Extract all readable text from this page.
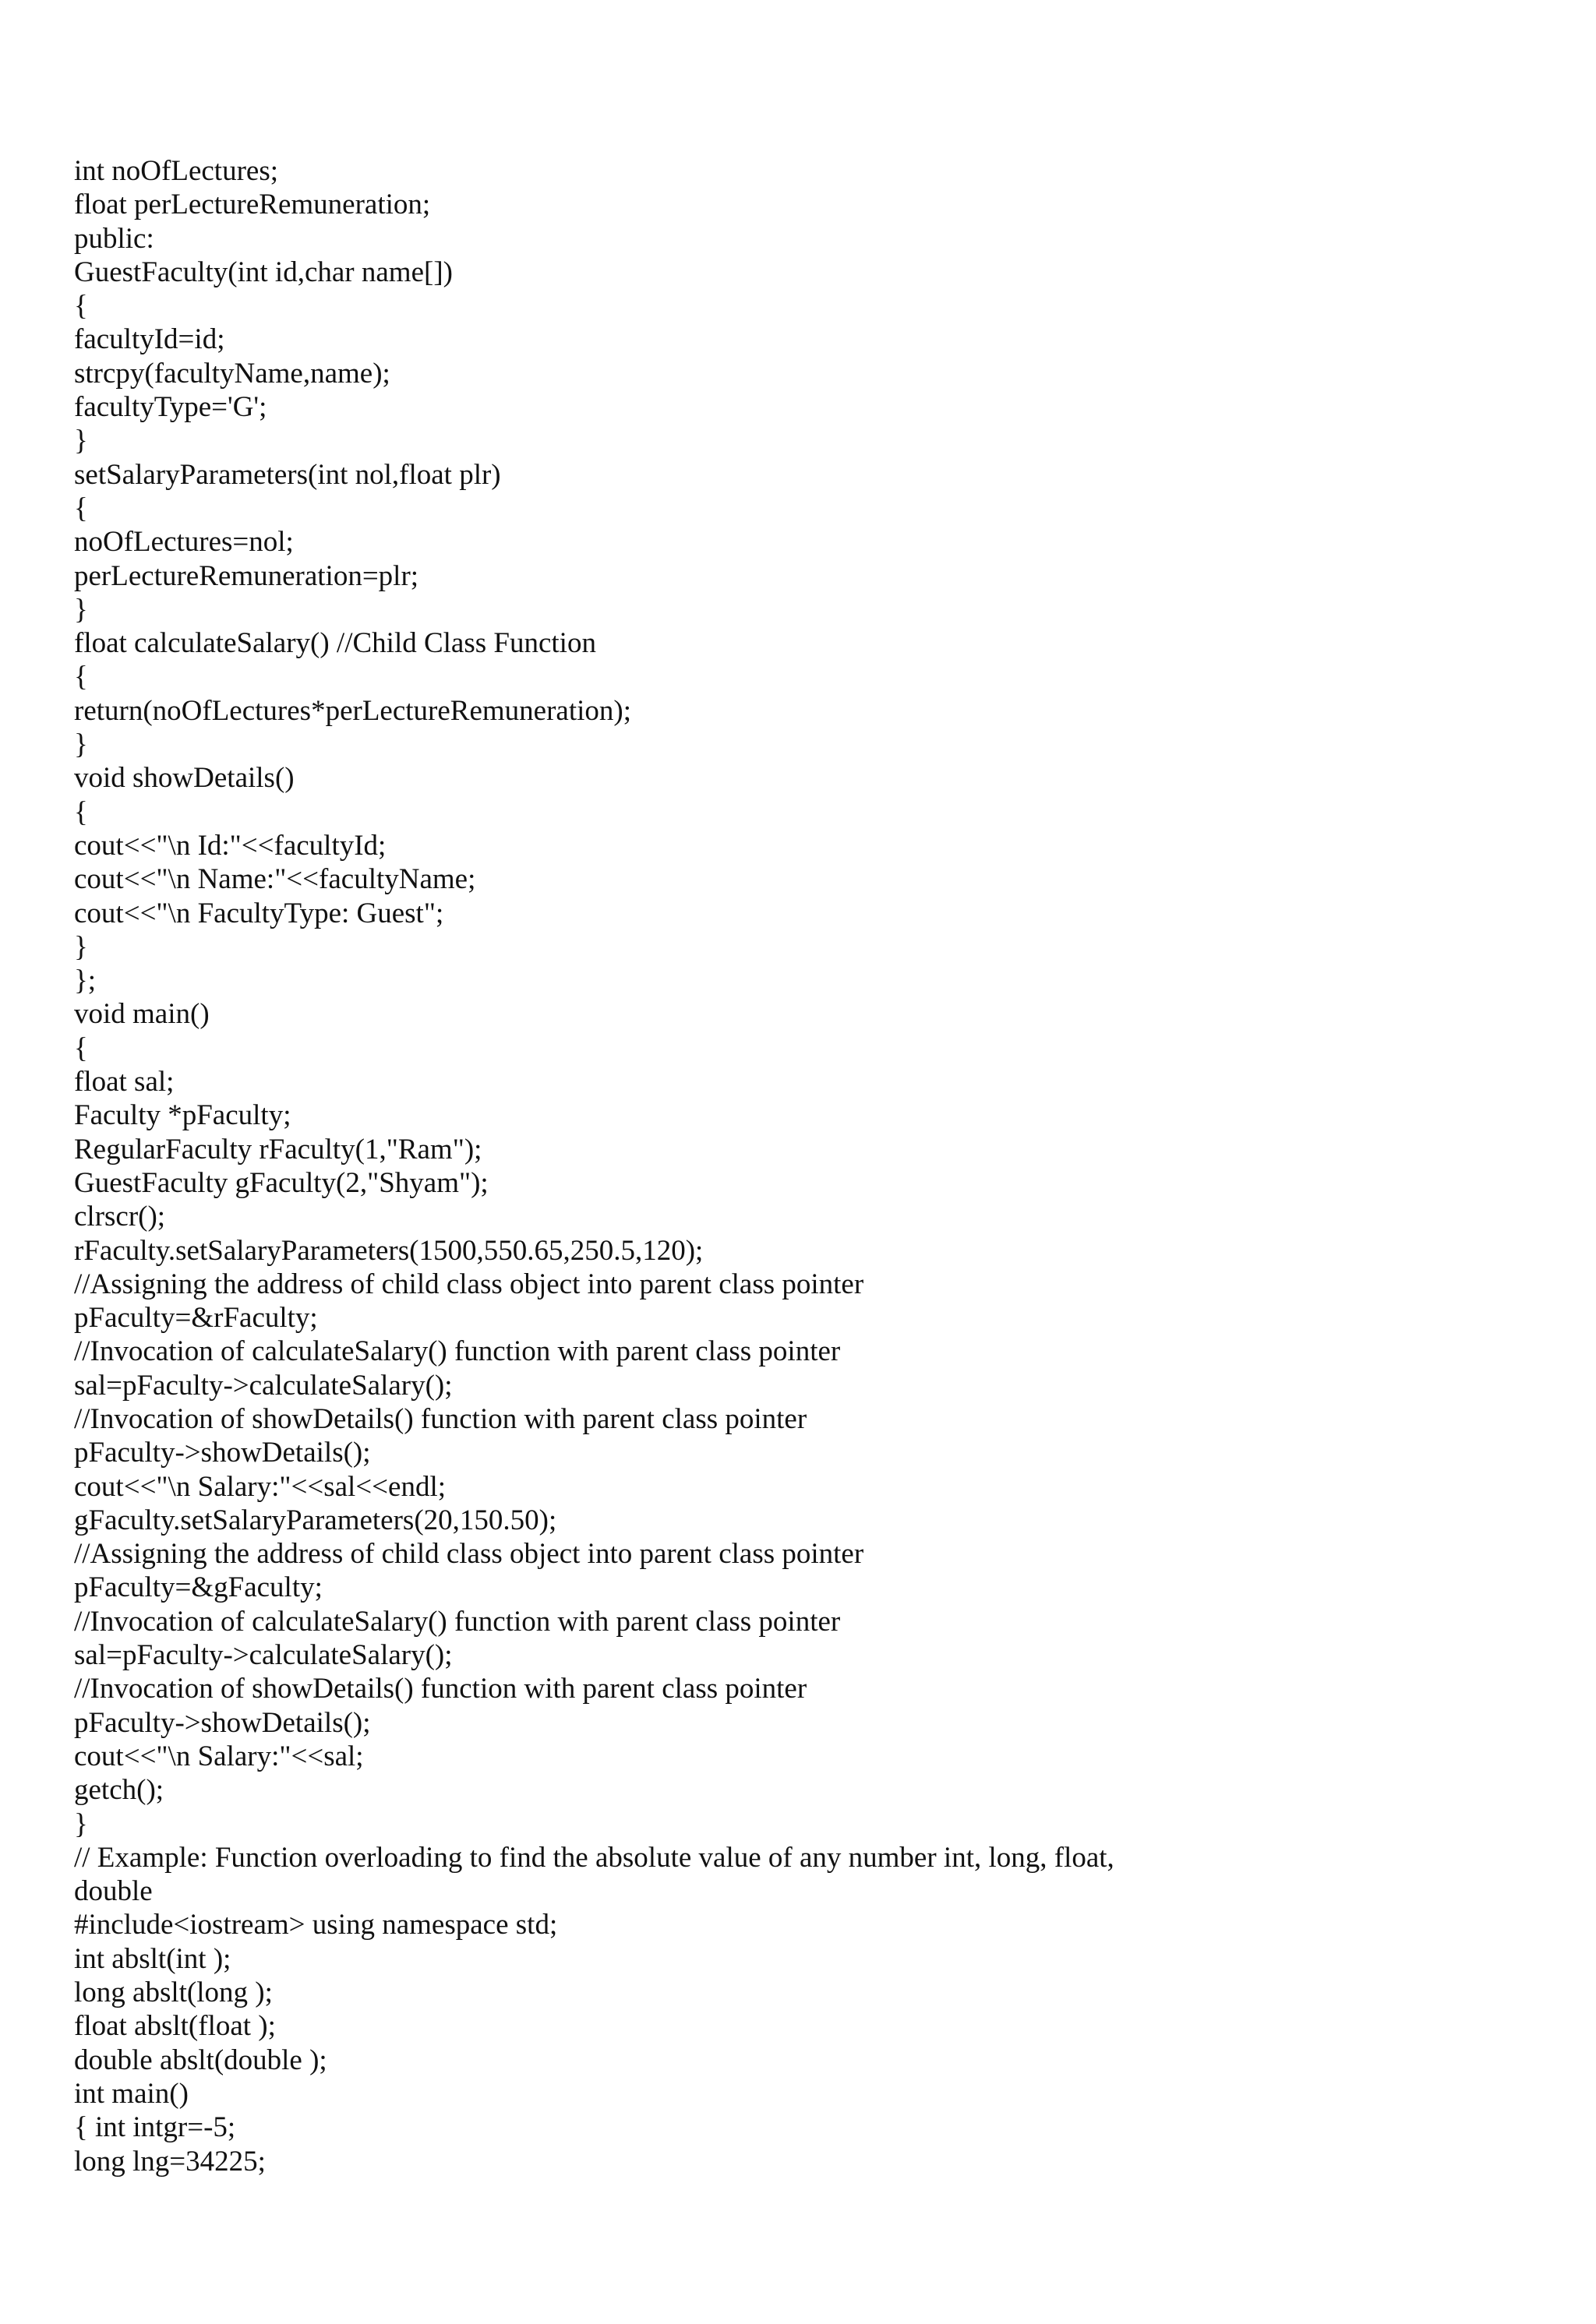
int noOfLectures;
float perLectureRemuneration;
public:
GuestFaculty(int id,char name[])
{
facultyId=id;
strcpy(facultyName,name);
facultyType='G';
}
setSalaryParameters(int nol,float plr)
{
noOfLectures=nol;
perLectureRemuneration=plr;
}
float calculateSalary() //Child Class Function
{
return(noOfLectures*perLectureRemuneration);
}
void showDetails()
{
cout<<"\n Id:"<<facultyId;
cout<<"\n Name:"<<facultyName;
cout<<"\n FacultyType: Guest";
}
};
void main()
{
float sal;
Faculty *pFaculty;
RegularFaculty rFaculty(1,"Ram");
GuestFaculty gFaculty(2,"Shyam");
clrscr();
rFaculty.setSalaryParameters(1500,550.65,250.5,120);
//Assigning the address of child class object into parent class pointer
pFaculty=&rFaculty;
//Invocation of calculateSalary() function with parent class pointer
sal=pFaculty->calculateSalary();
//Invocation of showDetails() function with parent class pointer
pFaculty->showDetails();
cout<<"\n Salary:"<<sal<<endl;
gFaculty.setSalaryParameters(20,150.50);
//Assigning the address of child class object into parent class pointer
pFaculty=&gFaculty;
//Invocation of calculateSalary() function with parent class pointer
sal=pFaculty->calculateSalary();
//Invocation of showDetails() function with parent class pointer
pFaculty->showDetails();
cout<<"\n Salary:"<<sal;
getch();
}
// Example: Function overloading to find the absolute value of any number int, long, float,
double
#include<iostream> using namespace std;
int abslt(int );
long abslt(long );
float abslt(float );
double abslt(double );
int main()
{ int intgr=-5;
long lng=34225;
